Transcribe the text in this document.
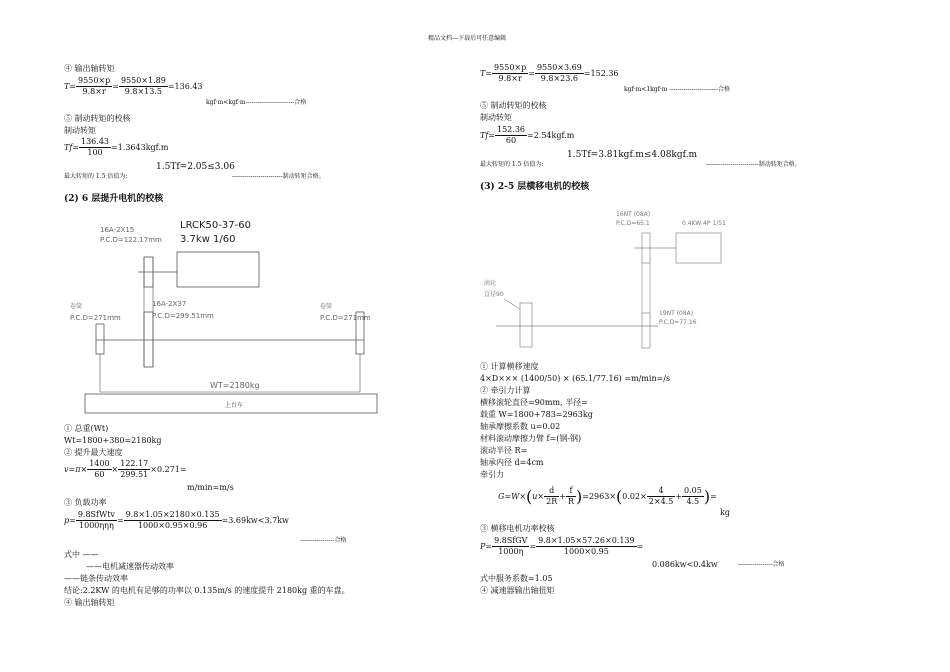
精品文档---下载后可任意编辑
④ 输出轴转矩
$T= \frac{9550\times p}{9.8\times r} = \frac{9550\times 1.89}{9.8\times 13.5} =136.43$
kgf·m<kgf·m------------------------合格
⑤ 制动转矩的校核
制动转矩
$Tf= \frac{136.43}{100} =1.3643kgf.m$
1.5Tf=2.05≤3.06
最大转矩的 1.5 倍值为:	-------------------------制动转矩合格。
(2) 6 层提升电机的校核
LRCK50-37-60
3.7kw 1/60
16A-2X15
P.C.D=122.17mm
16A-2X37
P.C.D=299.51mm
卷筒
P.C.D=271mm
卷筒
P.C.D=271mm
WT=2180kg
上台车
① 总重(Wt)
Wt=1800+380=2180kg
② 提升最大速度
$v=\pi\times \frac{1400}{60} \times \frac{122.17}{299.51} \times 0.271=$
m/min=m/s
③ 负载功率
$p= \frac{\text{9.8SfWtv}}{\text{1000ηηη}} = \frac{9.8\times 1.05\times 2180\times 0.135}{1000\times 0.95\times 0.96} =3.69kw<3.7kw$
-----------------合格
式中 ——
——电机减速器传动效率
——链条传动效率
结论:2.2KW 的电机有足够的功率以 0.135m/s 的速度提升 2180kg 重的车盘。
④ 输出轴转矩
$T= \frac{9550\times p}{9.8\times r} = \frac{9550\times 3.69}{9.8\times 23.6} =152.36$
kgf·m<1kgf·m ------------------------合格
⑤ 制动转矩的校核
制动转矩
$Tf= \frac{152.36}{60} =2.54kgf.m$
1.5Tf=3.81kgf.m≤4.08kgf.m
最大转矩的 1.5 倍值为:	--------------------------制动转矩合格。
(3) 2-5 层横移电机的校核
16NT (08A)
P.C.D=65.1	0.4KW 4P 1/51
滚轮
直径90
19NT (08A)
P.C.D=77.16
① 计算横移速度
4×D××× (1400/50) × (65.1/77.16) =m/min=/s
② 牵引力计算
横移滚轮直径=90mm, 半径=
载重 W=1800+783=2963kg
轴承摩擦系数 u=0.02
材料滚动摩擦力臂 f=(钢-钢)
滚动半径 R=
轴承内径 d=4cm
牵引力
$G=W\times(u\times \frac{d}{2R} + \frac{f}{R} )=2963\times(0.02\times \frac{4}{2\times 4.5} + \frac{0.05}{4.5}$ )=
kg
③ 横移电机功率校核
$P= \frac{\text{9.8SfGV}}{1000\eta} = \frac{9.8\times 1.05\times 57.26\times 0.139}{1000\times 0.95}$ =
0.086kw<0.4kw	-----------------合格
式中服务系数=1.05
④ 减速器输出轴扭矩
